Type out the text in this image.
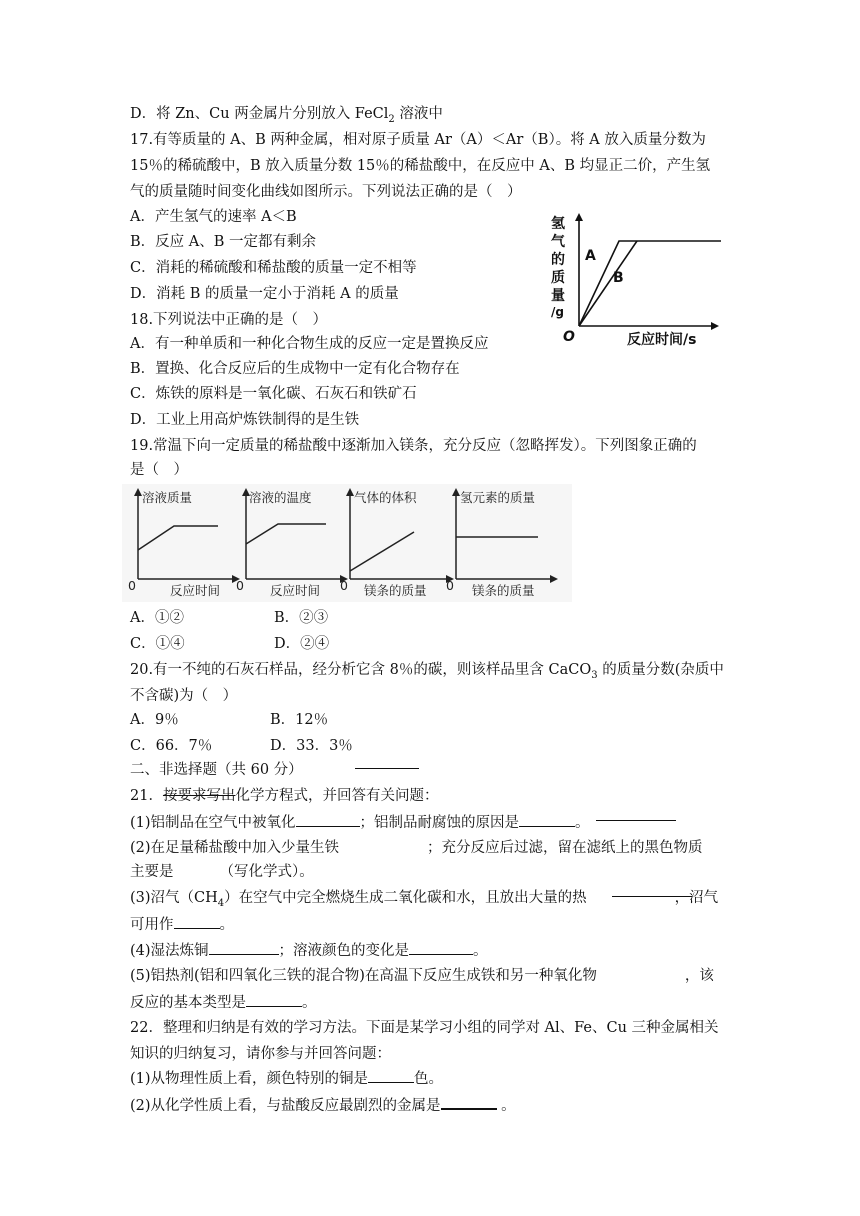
D．将 Zn、Cu 两金属片分别放入 FeCl$_2$ 溶液中
17.有等质量的 A、B 两种金属，相对原子质量 Ar（A）＜Ar（B）。将 A 放入质量分数为
15％的稀硫酸中，B 放入质量分数 15％的稀盐酸中，在反应中 A、B 均显正二价，产生氢
气的质量随时间变化曲线如图所示。下列说法正确的是（　）
A．产生氢气的速率 A＜B
B．反应 A、B 一定都有剩余
C．消耗的稀硫酸和稀盐酸的质量一定不相等
D．消耗 B 的质量一定小于消耗 A 的质量
氢
气
的
质
量
/g
O	反应时间/s
A
B
18.下列说法中正确的是（　）
A．有一种单质和一种化合物生成的反应一定是置换反应
B．置换、化合反应后的生成物中一定有化合物存在
C．炼铁的原料是一氧化碳、石灰石和铁矿石
D．工业上用高炉炼铁制得的是生铁
19.常温下向一定质量的稀盐酸中逐渐加入镁条，充分反应（忽略挥发）。下列图象正确的
是（　）
溶液质量
反应时间
0
溶液的温度
反应时间
0
气体的体积
镁条的质量
0
氢元素的质量
镁条的质量
0
A．①②	B．②③
C．①④	D．②④
20.有一不纯的石灰石样品，经分析它含 8％的碳，则该样品里含 CaCO$_3$ 的质量分数(杂质中
不含碳)为（　）
A．9％	B．12％
C．66．7％	D．33．3％
二、非选择题（共 60 分）
21．按要求写出化学方程式，并回答有关问题：
(1)铝制品在空气中被氧化	；铝制品耐腐蚀的原因是	。
(2)在足量稀盐酸中加入少量生铁	；充分反应后过滤，留在滤纸上的黑色物质
主要是	（写化学式）。
(3)沼气$(CH_4)$在空气中完全燃烧生成二氧化碳和水，且放出大量的热	，沼气
可用作	。
(4)湿法炼铜	；溶液颜色的变化是	。
(5)铝热剂(铝和四氧化三铁的混合物)在高温下反应生成铁和另一种氧化物	，该
反应的基本类型是	。
22．整理和归纳是有效的学习方法。下面是某学习小组的同学对 Al、Fe、Cu 三种金属相关
知识的归纳复习，请你参与并回答问题：
(1)从物理性质上看，颜色特别的铜是	色。
(2)从化学性质上看，与盐酸反应最剧烈的金属是	。
